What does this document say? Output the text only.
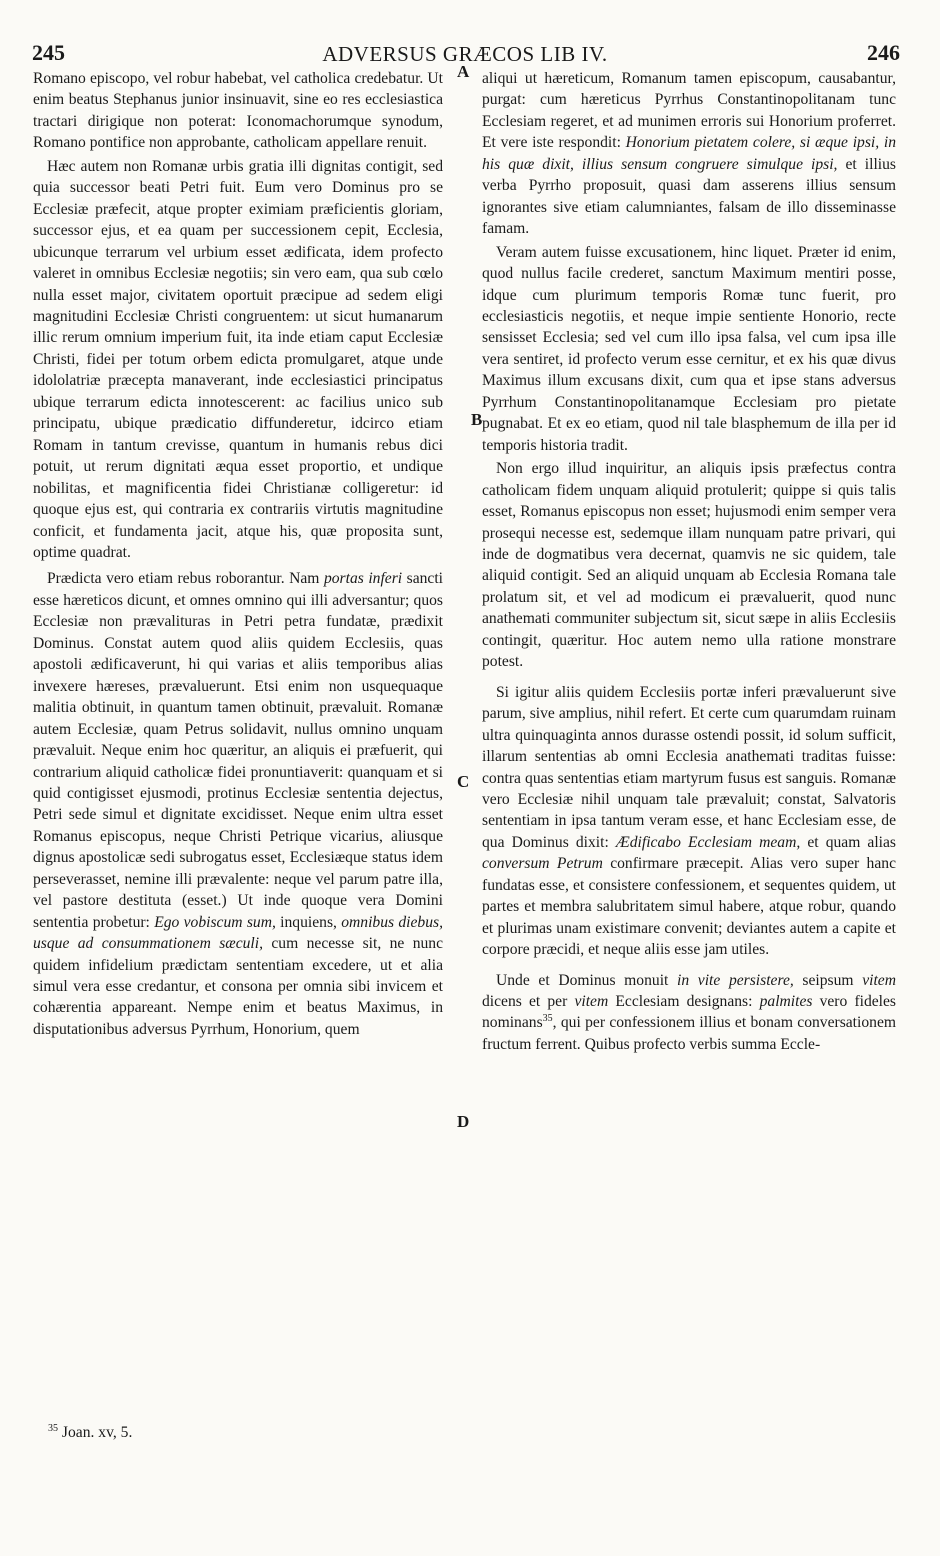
245	ADVERSUS GRÆCOS LIB IV.	246

Romano episcopo, vel robur habebat, vel catholica credebatur. Ut enim beatus Stephanus junior insinuavit, sine eo res ecclesiastica tractari dirigique non poterat: Iconomachorumque synodum, Romano pontifice non approbante, catholicam appellare renuit.

Hæc autem non Romanæ urbis gratia illi dignitas contigit, sed quia successor beati Petri fuit. Eum vero Dominus pro se Ecclesiæ præfecit, atque propter eximiam præficientis gloriam, successor ejus, et ea quam per successionem cepit, Ecclesia, ubicunque terrarum vel urbium esset ædificata, idem profecto valeret in omnibus Ecclesiæ negotiis; sin vero eam, qua sub cœlo nulla esset major, civitatem oportuit præcipue ad sedem eligi magnitudini Ecclesiæ Christi congruentem: ut sicut humanarum illic rerum omnium imperium fuit, ita inde etiam caput Ecclesiæ Christi, fidei per totum orbem edicta promulgaret, atque unde idololatriæ præcepta manaverant, inde ecclesiastici principatus ubique terrarum edicta innotescerent: ac facilius unico sub principatu, ubique prædicatio diffunderetur, idcirco etiam Romam in tantum crevisse, quantum in humanis rebus dici potuit, ut rerum dignitati æqua esset proportio, et undique nobilitas, et magnificentia fidei Christianæ colligeretur: id quoque ejus est, qui contraria ex contrariis virtutis magnitudine conficit, et fundamenta jacit, atque his, quæ proposita sunt, optime quadrat.

Prædicta vero etiam rebus roborantur. Nam portas inferi sancti esse hæreticos dicunt, et omnes omnino qui illi adversantur; quos Ecclesiæ non prævalituras in Petri petra fundatæ, prædixit Dominus. Constat autem quod aliis quidem Ecclesiis, quas apostoli ædificaverunt, hi qui varias et aliis temporibus alias invexere hæreses, prævaluerunt. Etsi enim non usquequaque malitia obtinuit, in quantum tamen obtinuit, prævaluit. Romanæ autem Ecclesiæ, quam Petrus solidavit, nullus omnino unquam prævaluit. Neque enim hoc quæritur, an aliquis ei præfuerit, qui contrarium aliquid catholicæ fidei pronuntiaverit: quanquam et si quid contigisset ejusmodi, protinus Ecclesiæ sententia dejectus, Petri sede simul et dignitate excidisset. Neque enim ultra esset Romanus episcopus, neque Christi Petrique vicarius, aliusque dignus apostolicæ sedi subrogatus esset, Ecclesiæque status idem perseverasset, nemine illi prævalente: neque vel parum patre illa, vel pastore destituta (esset.) Ut inde quoque vera Domini sententia probetur: Ego vobiscum sum, inquiens, omnibus diebus, usque ad consummationem sæculi, cum necesse sit, ne nunc quidem infidelium prædictam sententiam excedere, ut et alia simul vera esse credantur, et consona per omnia sibi invicem et cohærentia appareant. Nempe enim et beatus Maximus, in disputationibus adversus Pyrrhum, Honorium, quem

aliqui ut hæreticum, Romanum tamen episcopum, causabantur, purgat: cum hæreticus Pyrrhus Constantinopolitanam tunc Ecclesiam regeret, et ad munimen erroris sui Honorium proferret. Et vere iste respondit: Honorium pietatem colere, si æque ipsi, in his quæ dixit, illius sensum congruere simulque ipsi, et illius verba Pyrrho proposuit, quasi dam asserens illius sensum ignorantes sive etiam calumniantes, falsam de illo disseminasse famam.

Veram autem fuisse excusationem, hinc liquet. Præter id enim, quod nullus facile crederet, sanctum Maximum mentiri posse, idque cum plurimum temporis Romæ tunc fuerit, pro ecclesiasticis negotiis, et neque impie sentiente Honorio, recte sensisset Ecclesia; sed vel cum illo ipsa falsa, vel cum ipsa ille vera sentiret, id profecto verum esse cernitur, et ex his quæ divus Maximus illum excusans dixit, cum qua et ipse stans adversus Pyrrhum Constantinopolitanamque Ecclesiam pro pietate pugnabat. Et ex eo etiam, quod nil tale blasphemum de illa per id temporis historia tradit.

Non ergo illud inquiritur, an aliquis ipsis præfectus contra catholicam fidem unquam aliquid protulerit; quippe si quis talis esset, Romanus episcopus non esset; hujusmodi enim semper vera prosequi necesse est, sedemque illam nunquam patre privari, qui inde de dogmatibus vera decernat, quamvis ne sic quidem, tale aliquid contigit. Sed an aliquid unquam ab Ecclesia Romana tale prolatum sit, et vel ad modicum ei prævaluerit, quod nunc anathemati communiter subjectum sit, sicut sæpe in aliis Ecclesiis contingit, quæritur. Hoc autem nemo ulla ratione monstrare potest.

Si igitur aliis quidem Ecclesiis portæ inferi prævaluerunt sive parum, sive amplius, nihil refert. Et certe cum quarumdam ruinam ultra quinquaginta annos durasse ostendi possit, id solum sufficit, illarum sententias ab omni Ecclesia anathemati traditas fuisse: contra quas sententias etiam martyrum fusus est sanguis. Romanæ vero Ecclesiæ nihil unquam tale prævaluit; constat, Salvatoris sententiam in ipsa tantum veram esse, et hanc Ecclesiam esse, de qua Dominus dixit: Ædificabo Ecclesiam meam, et quam alias conversum Petrum confirmare præcepit. Alias vero super hanc fundatas esse, et consistere confessionem, et sequentes quidem, ut partes et membra salubritatem simul habere, atque robur, quando et plurimas unam existimare convenit; deviantes autem a capite et corpore præcidi, et neque aliis esse jam utiles.

Unde et Dominus monuit in vite persistere, seipsum vitem dicens et per vitem Ecclesiam designans: palmites vero fideles nominans$^{35}$, qui per confessionem illius et bonam conversationem fructum ferrent. Quibus profecto verbis summa Eccle-

A
B
C
D
$^{35}$ Joan. xv, 5.
